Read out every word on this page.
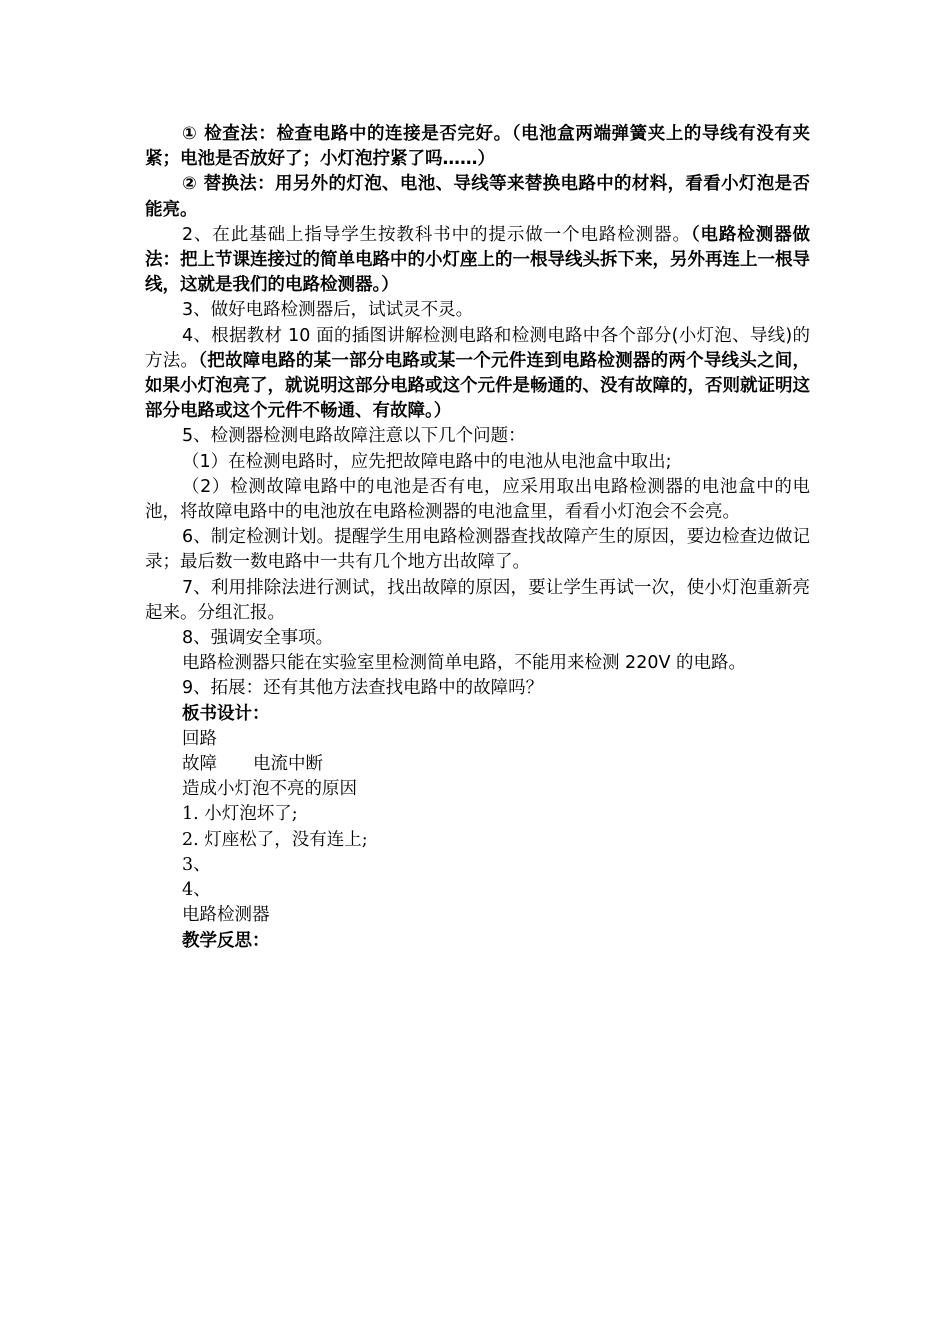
① 检查法：检查电路中的连接是否完好。（电池盒两端弹簧夹上的导线有没有夹紧；电池是否放好了；小灯泡拧紧了吗……）

② 替换法：用另外的灯泡、电池、导线等来替换电路中的材料，看看小灯泡是否能亮。

2、在此基础上指导学生按教科书中的提示做一个电路检测器。（电路检测器做法：把上节课连接过的简单电路中的小灯座上的一根导线头拆下来，另外再连上一根导线，这就是我们的电路检测器。）

3、做好电路检测器后，试试灵不灵。

4、根据教材 10 面的插图讲解检测电路和检测电路中各个部分(小灯泡、导线)的方法。（把故障电路的某一部分电路或某一个元件连到电路检测器的两个导线头之间，如果小灯泡亮了，就说明这部分电路或这个元件是畅通的、没有故障的，否则就证明这部分电路或这个元件不畅通、有故障。）

5、检测器检测电路故障注意以下几个问题：

（1）在检测电路时，应先把故障电路中的电池从电池盒中取出;

（2）检测故障电路中的电池是否有电，应采用取出电路检测器的电池盒中的电池，将故障电路中的电池放在电路检测器的电池盒里，看看小灯泡会不会亮。

6、制定检测计划。提醒学生用电路检测器查找故障产生的原因，要边检查边做记录；最后数一数电路中一共有几个地方出故障了。

7、利用排除法进行测试，找出故障的原因，要让学生再试一次，使小灯泡重新亮起来。分组汇报。

8、强调安全事项。

电路检测器只能在实验室里检测简单电路，不能用来检测 220V 的电路。

9、拓展：还有其他方法查找电路中的故障吗？

板书设计：

回路

故障 电流中断

造成小灯泡不亮的原因

1. 小灯泡坏了;

2. 灯座松了，没有连上;

3、

4、

电路检测器

教学反思：
